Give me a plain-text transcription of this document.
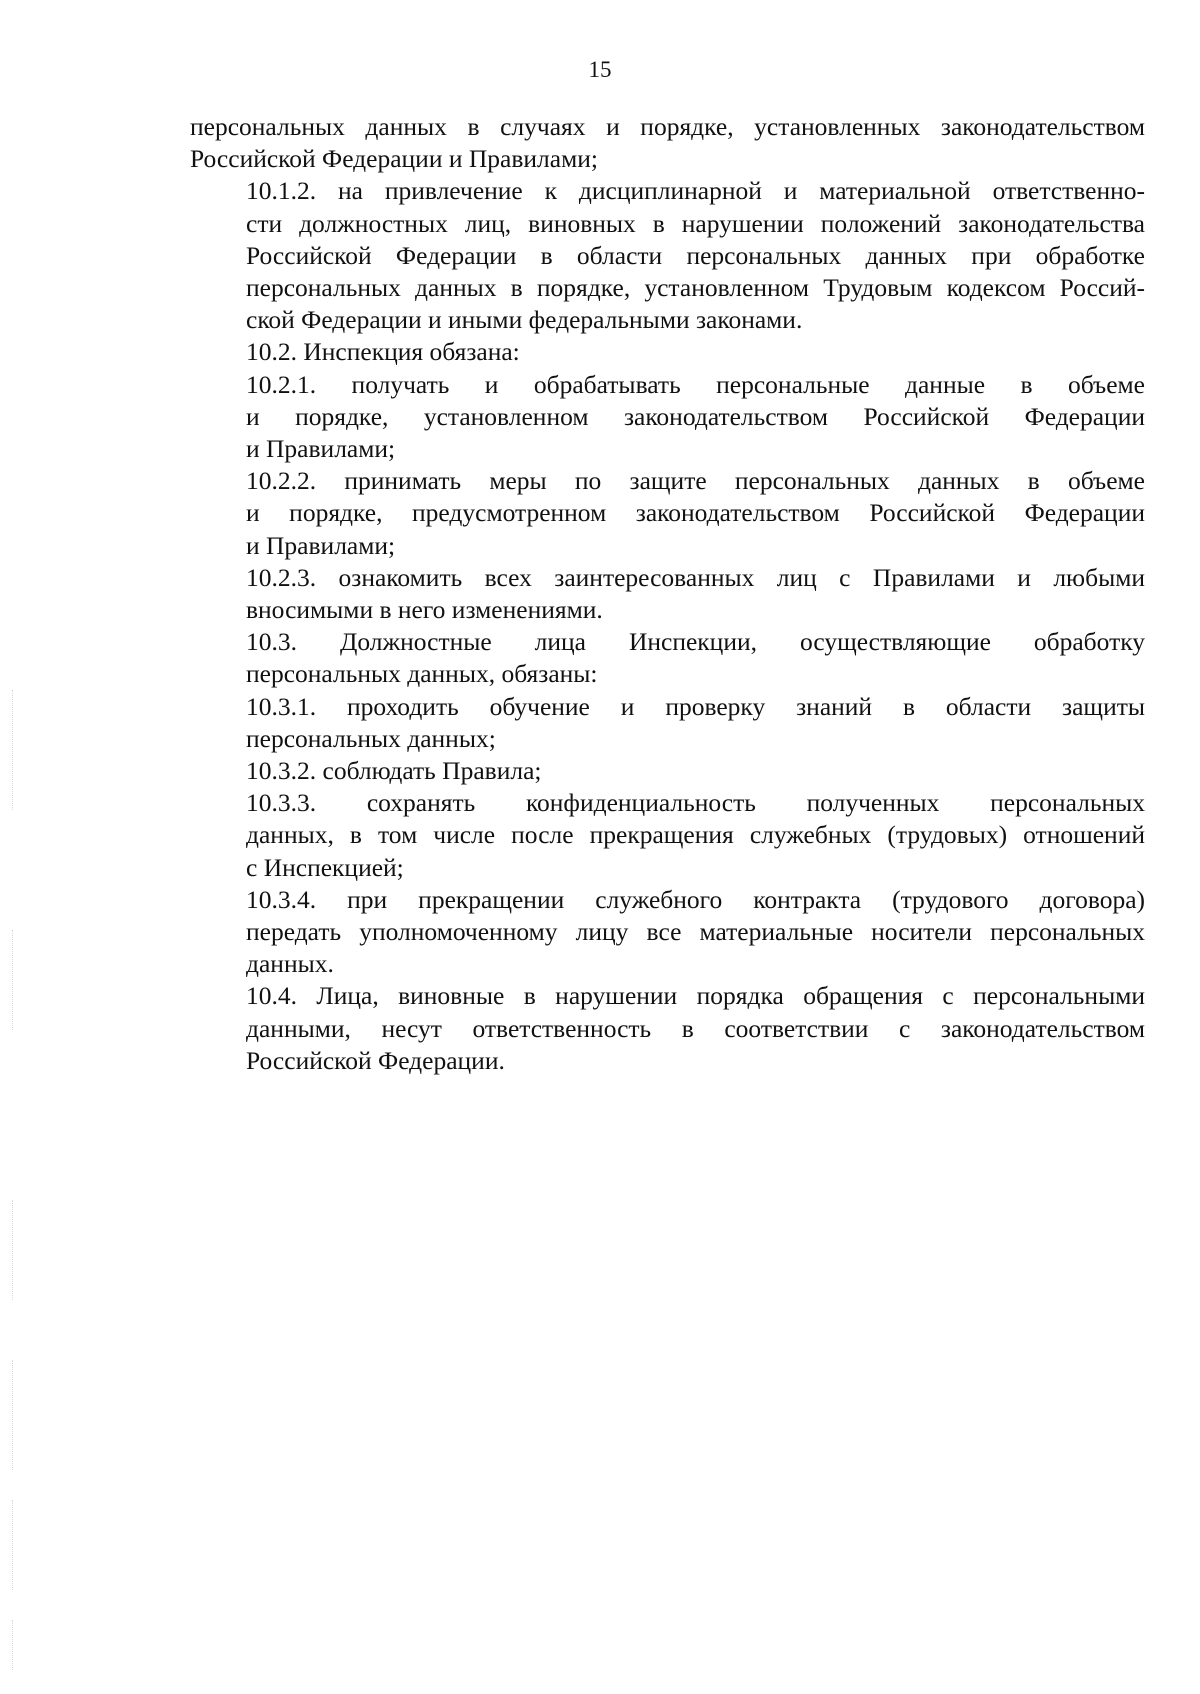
15

персональных данных в случаях и порядке, установленных законодательством
Российской Федерации и Правилами;

10.1.2. на привлечение к дисциплинарной и материальной ответственно-
сти должностных лиц, виновных в нарушении положений законодательства
Российской Федерации в области персональных данных при обработке
персональных данных в порядке, установленном Трудовым кодексом Россий-
ской Федерации и иными федеральными законами.

10.2. Инспекция обязана:

10.2.1. получать и обрабатывать персональные данные в объеме
и порядке, установленном законодательством Российской Федерации
и Правилами;

10.2.2. принимать меры по защите персональных данных в объеме
и порядке, предусмотренном законодательством Российской Федерации
и Правилами;

10.2.3. ознакомить всех заинтересованных лиц с Правилами и любыми
вносимыми в него изменениями.

10.3. Должностные лица Инспекции, осуществляющие обработку
персональных данных, обязаны:

10.3.1. проходить обучение и проверку знаний в области защиты
персональных данных;

10.3.2. соблюдать Правила;

10.3.3. сохранять конфиденциальность полученных персональных
данных, в том числе после прекращения служебных (трудовых) отношений
с Инспекцией;

10.3.4. при прекращении служебного контракта (трудового договора)
передать уполномоченному лицу все материальные носители персональных
данных.

10.4. Лица, виновные в нарушении порядка обращения с персональными
данными, несут ответственность в соответствии с законодательством
Российской Федерации.
